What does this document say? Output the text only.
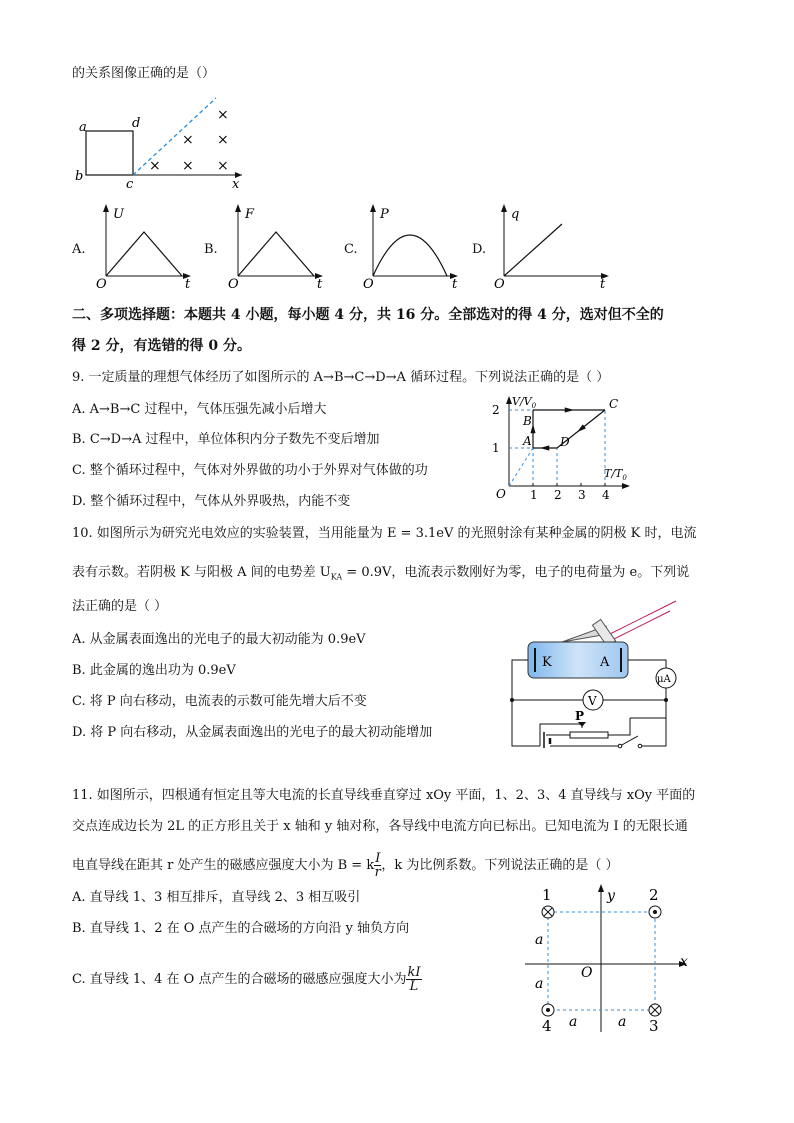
的关系图像正确的是（）
a	d
b
c	x
×
× ×
× × ×
A.
U
O	t
B.
F
O	t
C.
P
O	t
D.
q
O	t
二、多项选择题：本题共 4 小题，每小题 4 分，共 16 分。全部选对的得 4 分，选对但不全的
得 2 分，有选错的得 0 分。
9. 一定质量的理想气体经历了如图所示的 A→B→C→D→A 循环过程。下列说法正确的是（ ）
A. A→B→C 过程中，气体压强先减小后增大
B. C→D→A 过程中，单位体积内分子数先不变后增加
C. 整个循环过程中，气体对外界做的功小于外界对气体做的功
D. 整个循环过程中，气体从外界吸热，内能不变
$V/V_0$
$T/T_0$
O
2
1
1 2 3 4
A
B
C
D
10. 如图所示为研究光电效应的实验装置，当用能量为 E = 3.1eV 的光照射涂有某种金属的阴极 K 时，电流
表有示数。若阴极 K 与阳极 A 间的电势差 $U_{KA} = 0.9V$，电流表示数刚好为零，电子的电荷量为 e。下列说
法正确的是（ ）
A. 从金属表面逸出的光电子的最大初动能为 0.9eV
B. 此金属的逸出功为 0.9eV
C. 将 P 向右移动，电流表的示数可能先增大后不变
D. 将 P 向右移动，从金属表面逸出的光电子的最大初动能增加
K	A
μA
V
P
11. 如图所示，四根通有恒定且等大电流的长直导线垂直穿过 xOy 平面，1、2、3、4 直导线与 xOy 平面的
交点连成边长为 2L 的正方形且关于 x 轴和 y 轴对称，各导线中电流方向已标出。已知电流为 I 的无限长通
电直导线在距其 r 处产生的磁感应强度大小为 B = k $\frac{I}{r}$ ，k 为比例系数。下列说法正确的是（ ）
A. 直导线 1、3 相互排斥，直导线 2、3 相互吸引
B. 直导线 1、2 在 O 点产生的合磁场的方向沿 y 轴负方向
C. 直导线 1、4 在 O 点产生的合磁场的磁感应强度大小为 $\frac{kI}{L}$
1	2
3
4
y
x
O
a
a
a	a
